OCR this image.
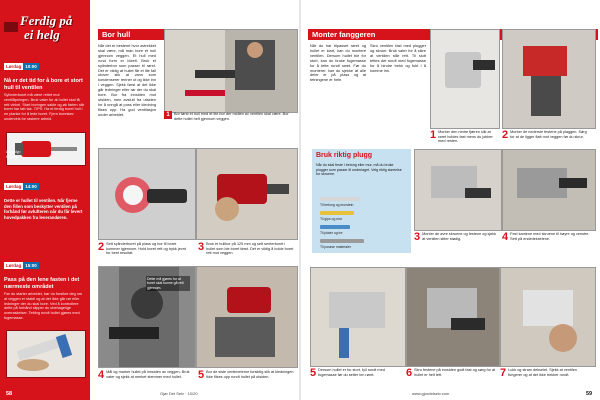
Ferdig på
ei helg
Lørdag 10:00
Nå er det tid for å bore et stort hull til ventilen
Sylinderboret må være rettet mot ventilåpningen. Bruk vater for at hullet skal få rett vinkel. Start boringen sakte og øk farten når boret har tatt tak. TIPS: Ha et ferdig boret hull i en planke for å lede boret. Fjern borestøv underveis for raskere arbeid.
Lang dyp
Hullsag
Lørdag 14:00
Dette er hullet til ventilen. Når fjerne den fillen som beskytter ventilen på forhånd før avlufteren når du får levert hovedpakken fra leverandøren.
Lørdag 15:00
Pass på den lene fasten i det nærmeste området
Før du starter arbeidet, bør du forsikre deg om at veggen er stabil og at det ikke går rør eller ledninger der du skal bore. Ved å kontrollere dette på forhånd slipper du ubehagelige overraskelser. Tetting rundt hullet gjøres med fugemasse.
58
Bor hull
Når det er bestemt hvor avtrekket skal være, må man bore et hull gjennom veggen. Et hull med rund form er ideelt. Bruk et sylinderbor som passer til røret. Det er viktig at hullet får et lite fall utover slik at vann som kondenserer renner ut og ikke inn i veggen. Sjekk først at det ikke går ledninger eller rør der du skal bore. Bor fra innsiden mot utsiden, men avslutt fra utsiden for å unngå at puss eller kledning flises opp. Ha god ventilasjon under arbeidet.	1	Bor først et hull med et lite bor der midten av ventilen skal være. Bor dette hullet helt gjennom veggen.
2 Sett sylinderboret på plass og bor til boret kommer igjennom. Hold boret rett og trykk jevnt for best resultat.
3 Bruk et hullbor på 125 mm og sett senterboret i hullet som ble boret først. Det er viktig å holde boret rett mot veggen.
Dette må gjøres for at boret skal kunne gå rett gjennom.
4 Mål og marker hullet på innsiden av veggen. Bruk vater og sjekk at merket stemmer med hullet.	5 Bor de siste centimeterne forsiktig slik at kledningen ikke flises opp rundt hullet på utsiden.
Gjør Det Selv · 10/20
Monter fanggeren
Når du har tilpasset røret og hullet er klart, kan du montere ventilen. Dersom hullet ble for stort, kan du bruke fugemasse for å tette rundt røret. Før du monterer, bør du sjekke at alle deler er på plass og at tetningene er hele.
Skru ventilen fast med plugger og skruer. Bruk vater for å sikre at ventilen står rett. Til slutt tettes det rundt med fugemasse for å hindre trekk og fukt i å komme inn.
1 Monter den nedre fjæren slik at røret holdes fast mens du jobber med resten.
2 Monter de nederste festene på plaggen. Sørg for at de ligger flatt mot veggen før du skrur.
Bruk riktig plugg
Når du skal feste i betong eller mur, må du bruke plugger som passer til underlaget. Velg riktig størrelse for skruene.
Til betong og murstein
Til gips og mur
Til plater og tre
Til porøse materialer
3 Monter de øvre skruene og festene og sjekk at ventilen sitter stødig.	4 Fest kantene med skruene til høyre og venstre. Sett på endedekselene.
5 Dersom hullet er for stort, fyll rundt med fugemasse før du setter inn røret.	6 Skru festene på innsiden godt fast og sørg for at hullet er helt tett.	7 Lukk og stram dekselet. Sjekk at ventilen fungerer og at det ikke trekker rundt.
www.gjordetselv.com	59
